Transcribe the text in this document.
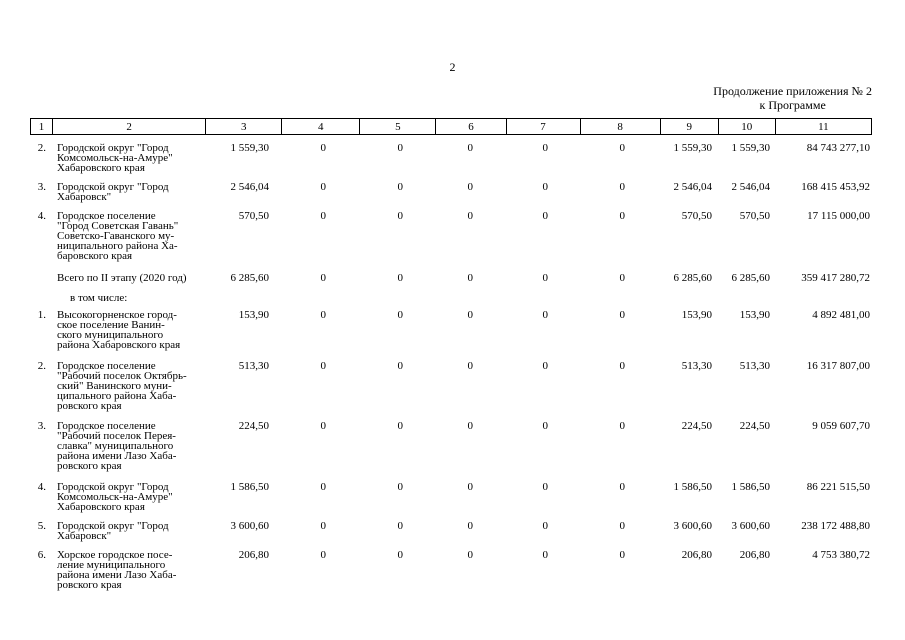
2
Продолжение приложения № 2
к Программе
1	2	3	4	5	6	7	8	9	10	11
2. Городской округ "Город
Комсомольск-на-Амуре"
Хабаровского края
1 559,30	0	0	0	0	0	1 559,30	1 559,30	84 743 277,10
3. Городской округ "Город
Хабаровск"
2 546,04	0	0	0	0	0	2 546,04	2 546,04	168 415 453,92
4. Городское поселение
"Город Советская Гавань"
Советско-Гаванского му-
ниципального района Ха-
баровского края
570,50	0	0	0	0	0	570,50	570,50	17 115 000,00
Всего по II этапу (2020 год)	6 285,60	0	0	0	0	0	6 285,60	6 285,60	359 417 280,72
в том числе:
1. Высокогорненское город-
ское поселение Ванин-
ского муниципального
района Хабаровского края
153,90	0	0	0	0	0	153,90	153,90	4 892 481,00
2. Городское поселение
"Рабочий поселок Октябрь-
ский" Ванинского муни-
ципального района Хаба-
ровского края
513,30	0	0	0	0	0	513,30	513,30	16 317 807,00
3. Городское поселение
"Рабочий поселок Перея-
славка" муниципального
района имени Лазо Хаба-
ровского края
224,50	0	0	0	0	0	224,50	224,50	9 059 607,70
4. Городской округ "Город
Комсомольск-на-Амуре"
Хабаровского края
1 586,50	0	0	0	0	0	1 586,50	1 586,50	86 221 515,50
5. Городской округ "Город
Хабаровск"
3 600,60	0	0	0	0	0	3 600,60	3 600,60	238 172 488,80
6. Хорское городское посе-
ление муниципального
района имени Лазо Хаба-
ровского края
206,80	0	0	0	0	0	206,80	206,80	4 753 380,72
